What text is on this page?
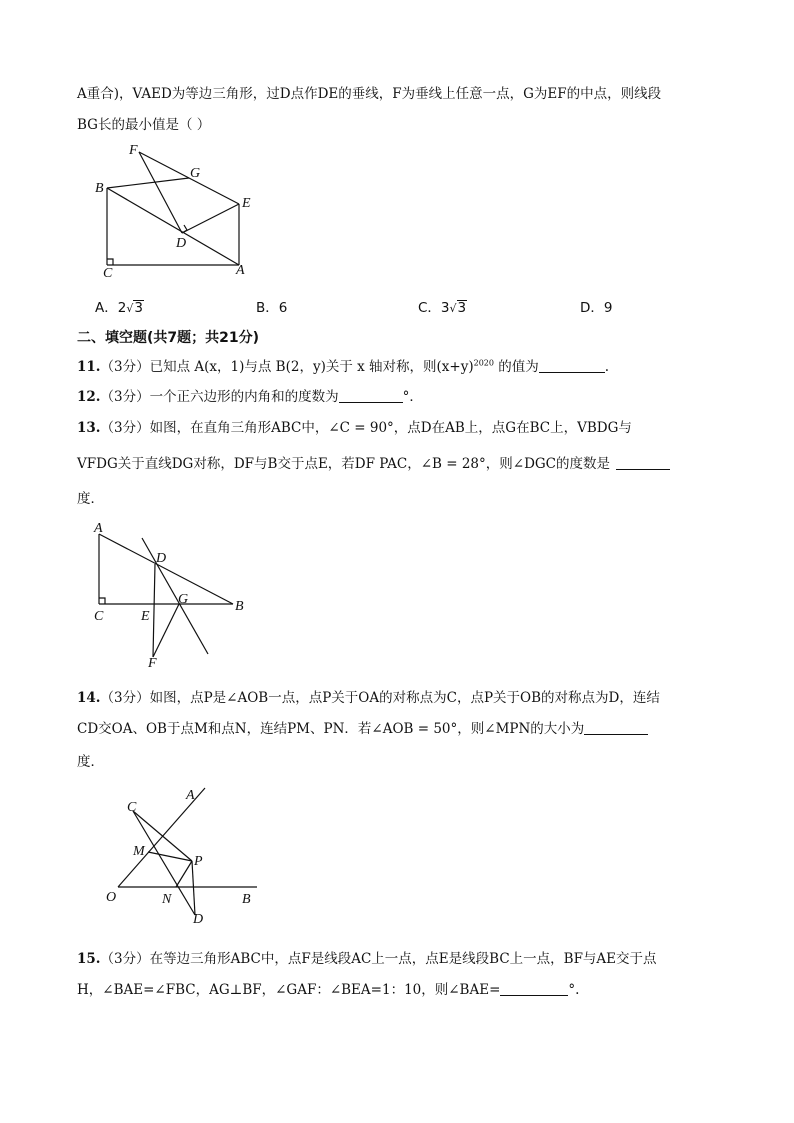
A重合)，VAED为等边三角形，过D点作DE的垂线，F为垂线上任意一点，G为EF的中点，则线段
BG长的最小值是（ ）
F
G
B
E
D
C	A
A．2√3	B．6	C．3√3	D．9
二、填空题(共7题；共21分)
11.（3分）已知点 A(x，1)与点 B(2，y)关于 x 轴对称，则$(x+y)^{2020}$ 的值为	.
12.（3分）一个正六边形的内角和的度数为	°．
13.（3分）如图，在直角三角形ABC中，∠C = 90°，点D在AB上，点G在BC上，VBDG与
VFDG关于直线DG对称，DF与B交于点E，若DF PAC，∠B = 28°，则∠DGC的度数是
度．
A
D
C	E
G	B
F
14.（3分）如图，点P是∠AOB一点，点P关于OA的对称点为C，点P关于OB的对称点为D，连结
CD交OA、OB于点M和点N，连结PM、PN．若∠AOB = 50°，则∠MPN的大小为
度．
C
A
M
P
O	N	B
D
15.（3分）在等边三角形ABC中，点F是线段AC上一点，点E是线段BC上一点，BF与AE交于点
H，∠BAE=∠FBC，AG⊥BF，∠GAF：∠BEA=1：10，则∠BAE=	°.
